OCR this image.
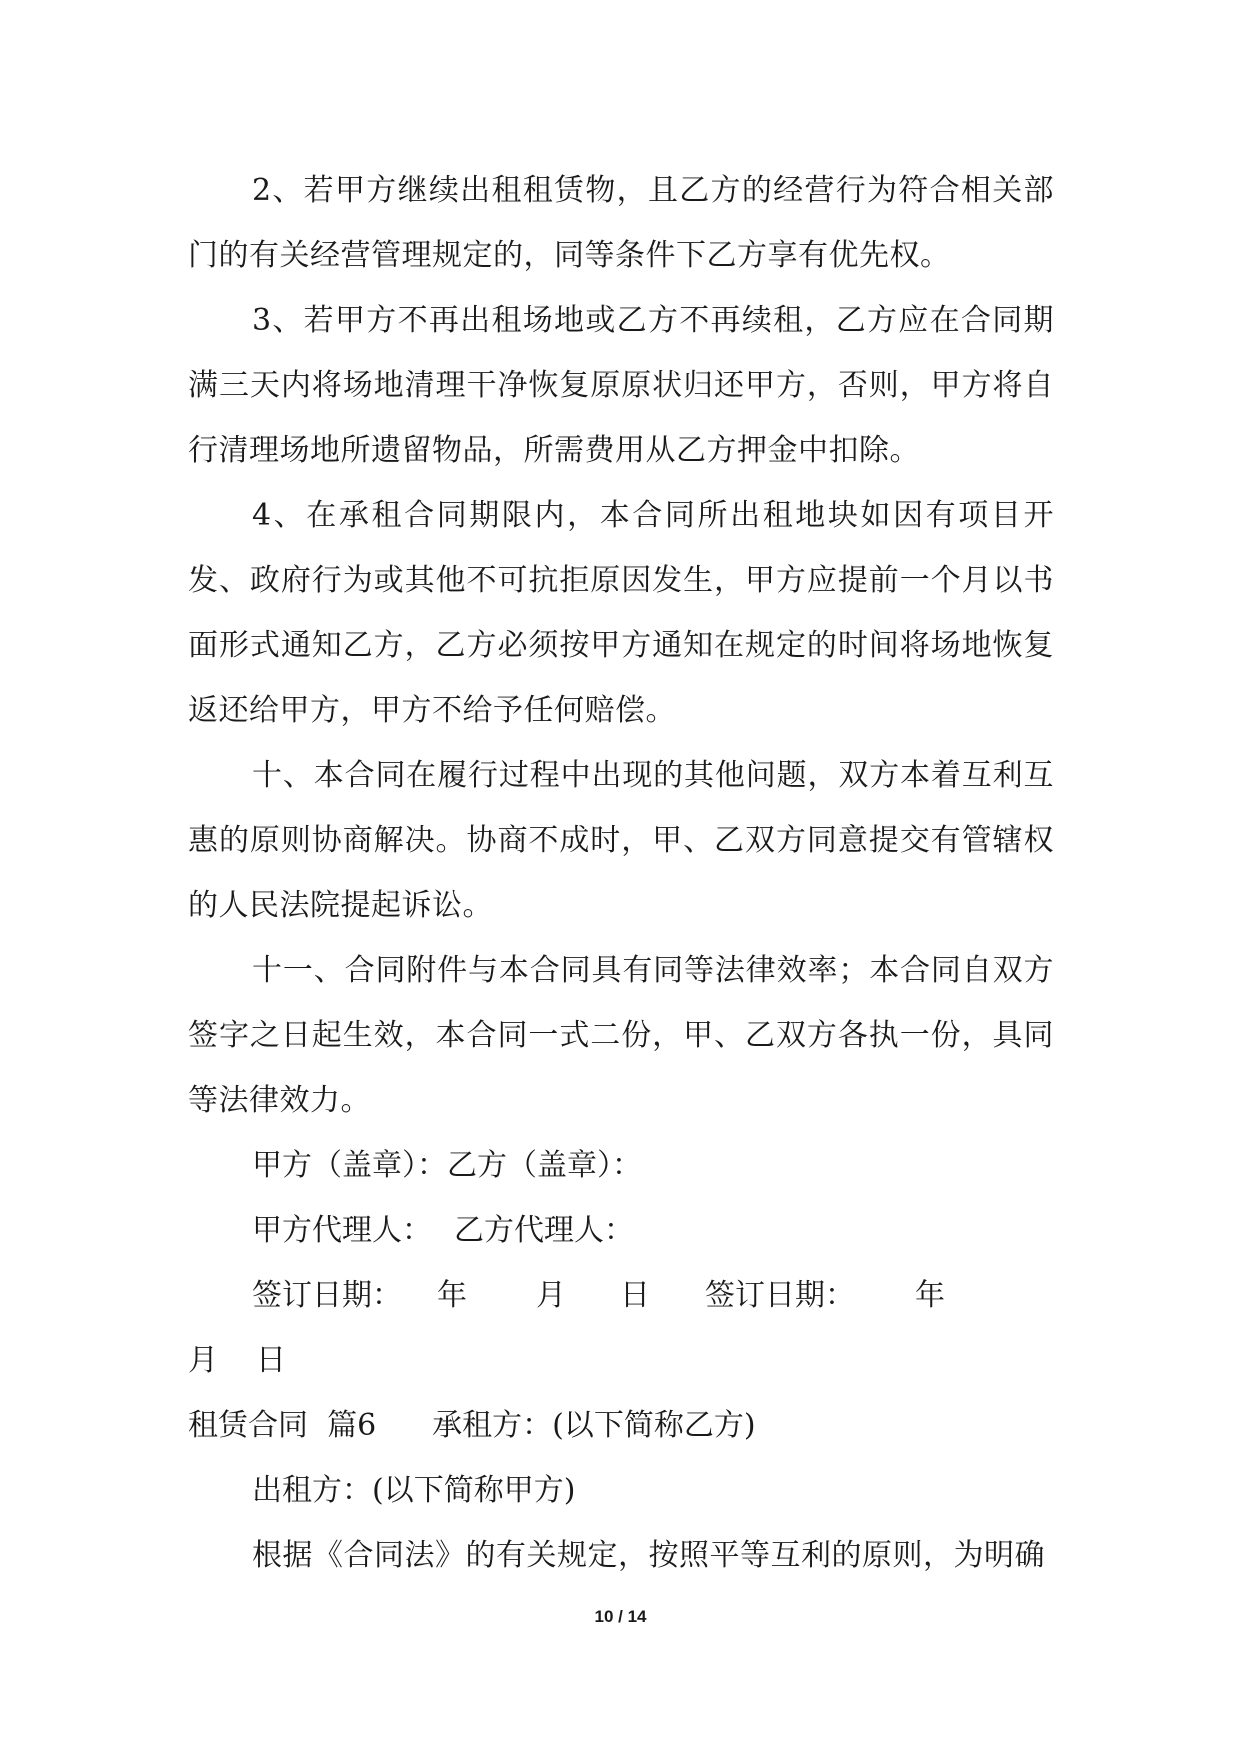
2、若甲方继续出租租赁物，且乙方的经营行为符合相关部门的有关经营管理规定的，同等条件下乙方享有优先权。

3、若甲方不再出租场地或乙方不再续租，乙方应在合同期满三天内将场地清理干净恢复原原状归还甲方，否则，甲方将自行清理场地所遗留物品，所需费用从乙方押金中扣除。

4、在承租合同期限内，本合同所出租地块如因有项目开发、政府行为或其他不可抗拒原因发生，甲方应提前一个月以书面形式通知乙方，乙方必须按甲方通知在规定的时间将场地恢复返还给甲方，甲方不给予任何赔偿。

十、本合同在履行过程中出现的其他问题，双方本着互利互惠的原则协商解决。协商不成时，甲、乙双方同意提交有管辖权的人民法院提起诉讼。

十一、合同附件与本合同具有同等法律效率；本合同自双方签字之日起生效，本合同一式二份，甲、乙双方各执一份，具同等法律效力。

甲方（盖章）：乙方（盖章）：

甲方代理人： 乙方代理人：

签订日期： 年 月 日 签订日期： 年

月 日

租赁合同  篇6 承租方：(以下简称乙方)

出租方：(以下简称甲方)

根据《合同法》的有关规定，按照平等互利的原则，为明确

10 / 14
